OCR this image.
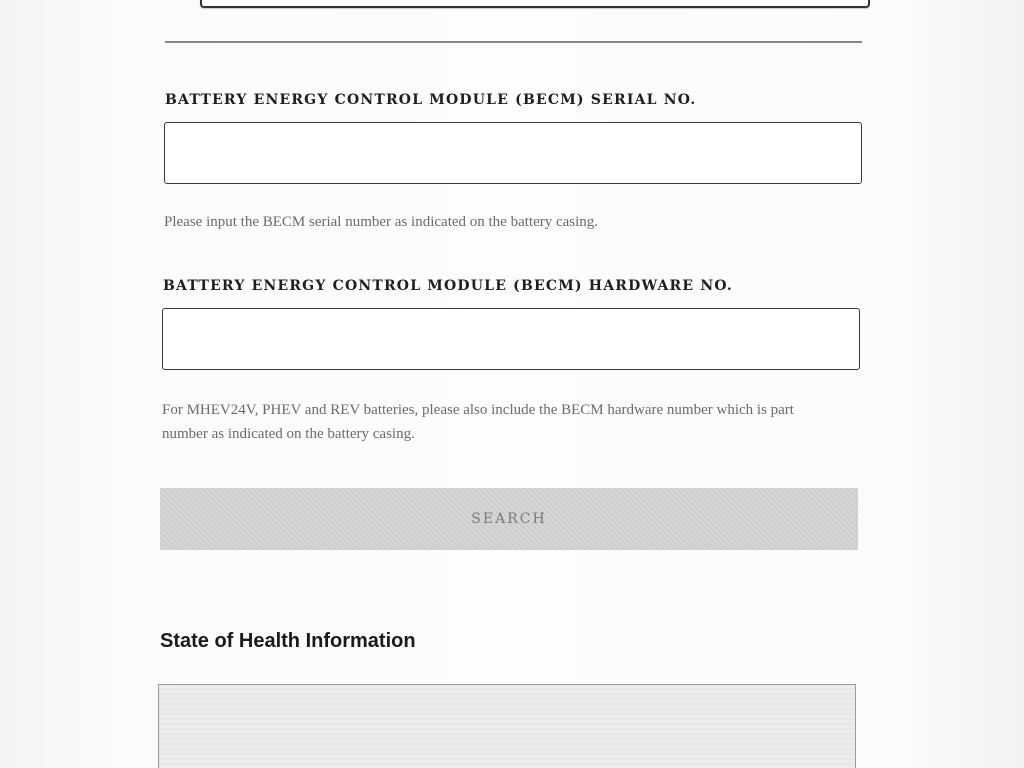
BATTERY ENERGY CONTROL MODULE (BECM) SERIAL NO.
Please input the BECM serial number as indicated on the battery casing.
BATTERY ENERGY CONTROL MODULE (BECM) HARDWARE NO.
For MHEV24V, PHEV and REV batteries, please also include the BECM hardware number which is part number as indicated on the battery casing.
SEARCH
State of Health Information
